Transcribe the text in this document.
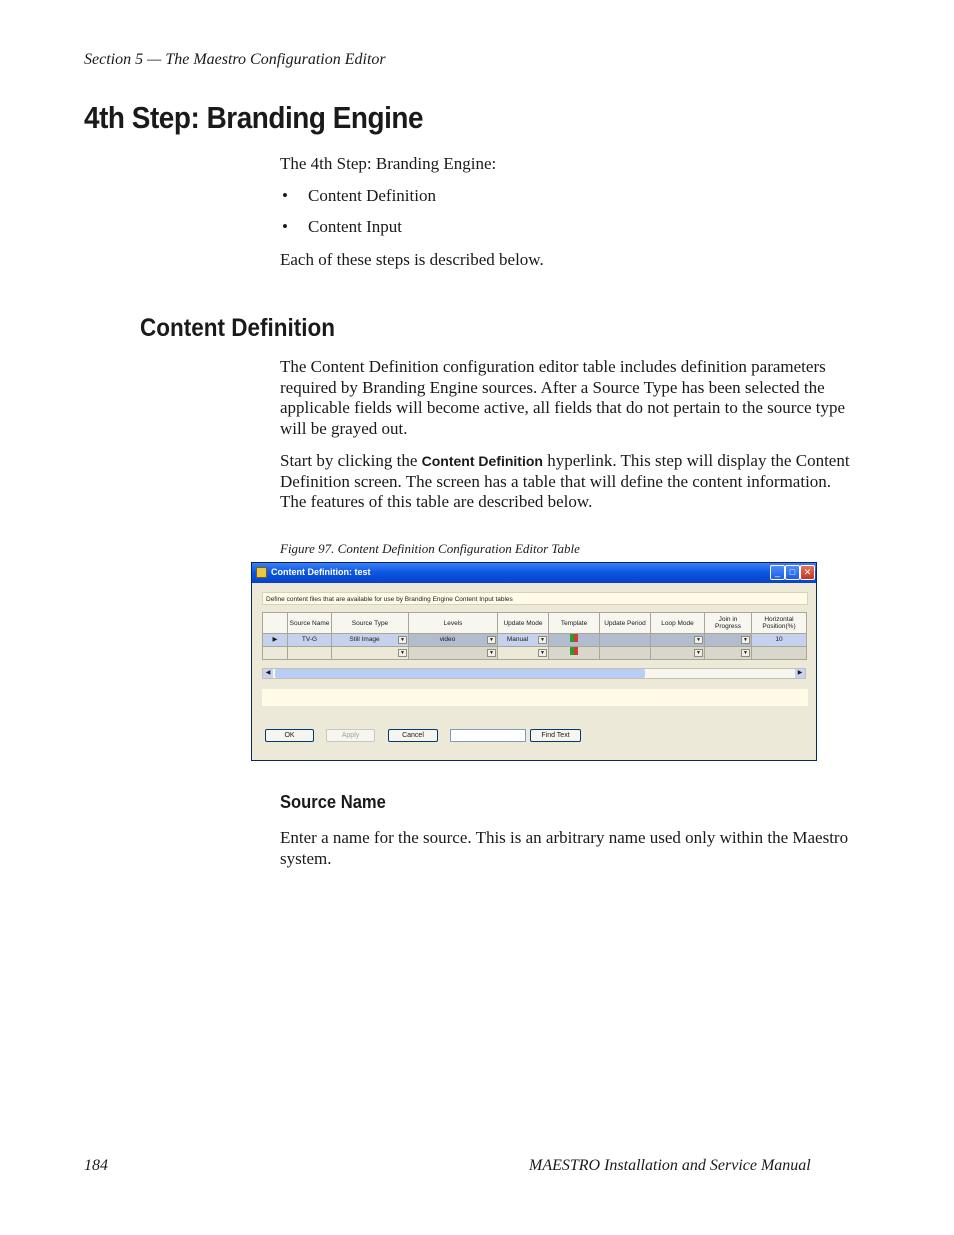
Section 5 — The Maestro Configuration Editor
4th Step: Branding Engine
The 4th Step: Branding Engine:
• Content Definition
• Content Input
Each of these steps is described below.
Content Definition
The Content Definition configuration editor table includes definition parameters required by Branding Engine sources. After a Source Type has been selected the applicable fields will become active, all fields that do not pertain to the source type will be grayed out.
Start by clicking the Content Definition hyperlink. This step will display the Content Definition screen. The screen has a table that will define the content information. The features of this table are described below.
Figure 97. Content Definition Configuration Editor Table
Content Definition: test	_	□ ✕
Define content files that are available for use by Branding Engine Content Input tables
	Source Name	Source Type	Levels	Update Mode	Template	Update Period	Loop Mode	Join in Progress	Horizontal Position(%)
▶	TV-G	Still Image ▼	video ▼	Manual ▼			▼	▼	10

		▼	▼	▼			▼	▼	

◀	▶
OK	Apply	Cancel	Find Text
Source Name
Enter a name for the source. This is an arbitrary name used only within the Maestro system.
184	MAESTRO Installation and Service Manual
